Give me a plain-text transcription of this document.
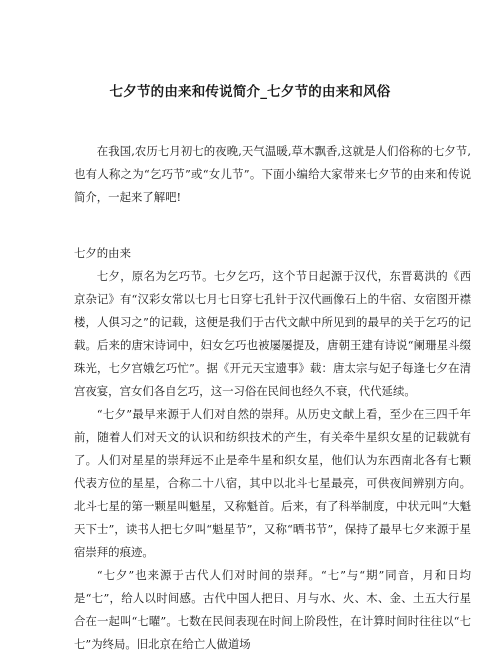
七夕节的由来和传说简介_七夕节的由来和风俗
在我国,农历七月初七的夜晚,天气温暖,草木飘香,这就是人们俗称的七夕节,也有人称之为“乞巧节”或“女儿节”。下面小编给大家带来七夕节的由来和传说简介，一起来了解吧!

七夕的由来

七夕，原名为乞巧节。七夕乞巧，这个节日起源于汉代，东晋葛洪的《西京杂记》有“汉彩女常以七月七日穿七孔针于汉代画像石上的牛宿、女宿图开襟楼，人俱习之”的记载，这便是我们于古代文献中所见到的最早的关于乞巧的记载。后来的唐宋诗词中，妇女乞巧也被屡屡提及，唐朝王建有诗说“阑珊星斗缀珠光，七夕宫娥乞巧忙”。据《开元天宝遗事》载：唐太宗与妃子每逢七夕在清宫夜宴，宫女们各自乞巧，这一习俗在民间也经久不衰，代代延续。

“七夕”最早来源于人们对自然的崇拜。从历史文献上看，至少在三四千年前，随着人们对天文的认识和纺织技术的产生，有关牵牛星织女星的记载就有了。人们对星星的崇拜远不止是牵牛星和织女星，他们认为东西南北各有七颗代表方位的星星，合称二十八宿，其中以北斗七星最亮，可供夜间辨别方向。北斗七星的第一颗星叫魁星，又称魁首。后来，有了科举制度，中状元叫“大魁天下士”，读书人把七夕叫“魁星节”，又称“晒书节”，保持了最早七夕来源于星宿崇拜的痕迹。

“七夕”也来源于古代人们对时间的崇拜。“七”与“期”同音，月和日均是“七”，给人以时间感。古代中国人把日、月与水、火、木、金、土五大行星合在一起叫“七曜”。七数在民间表现在时间上阶段性，在计算时间时往往以“七七”为终局。旧北京在给亡人做道场
